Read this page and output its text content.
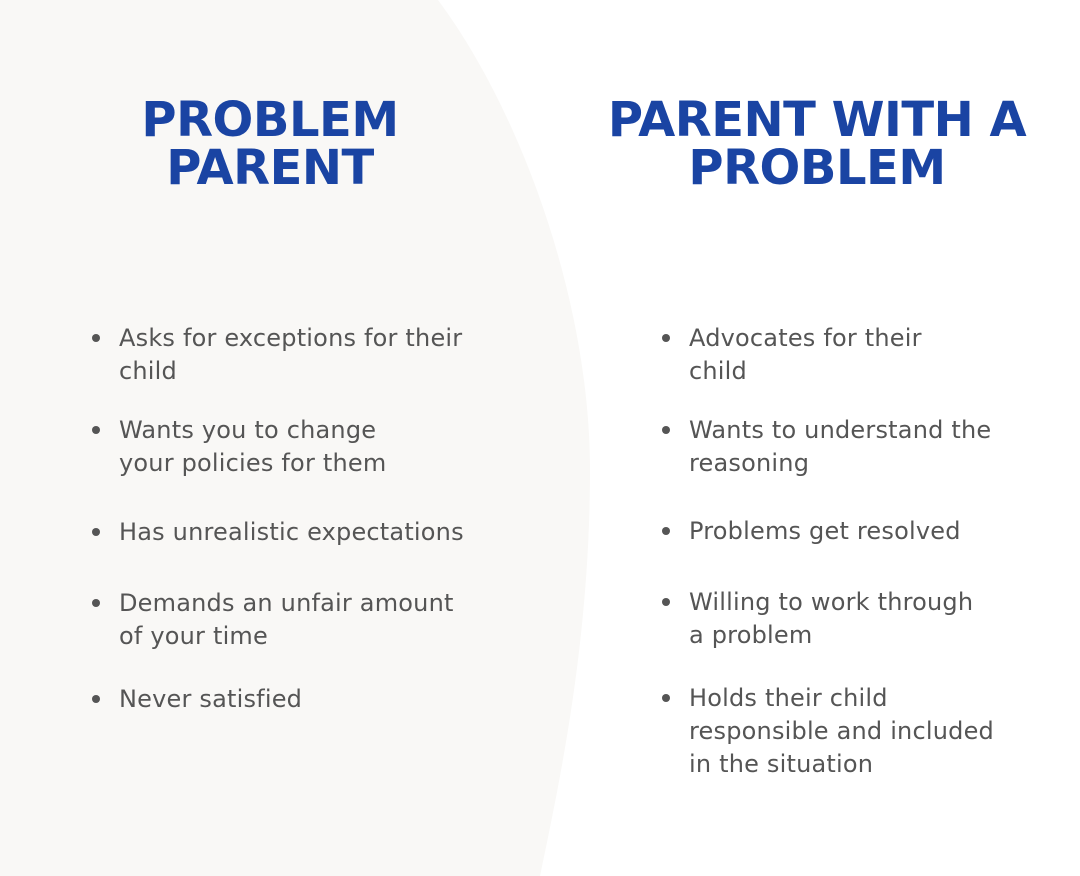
PROBLEM
PARENT
PARENT WITH A
PROBLEM
Asks for exceptions for their
child
Wants you to change
your policies for them
Has unrealistic expectations
Demands an unfair amount
of your time
Never satisfied
Advocates for their
child
Wants to understand the
reasoning
Problems get resolved
Willing to work through
a problem
Holds their child
responsible and included
in the situation
